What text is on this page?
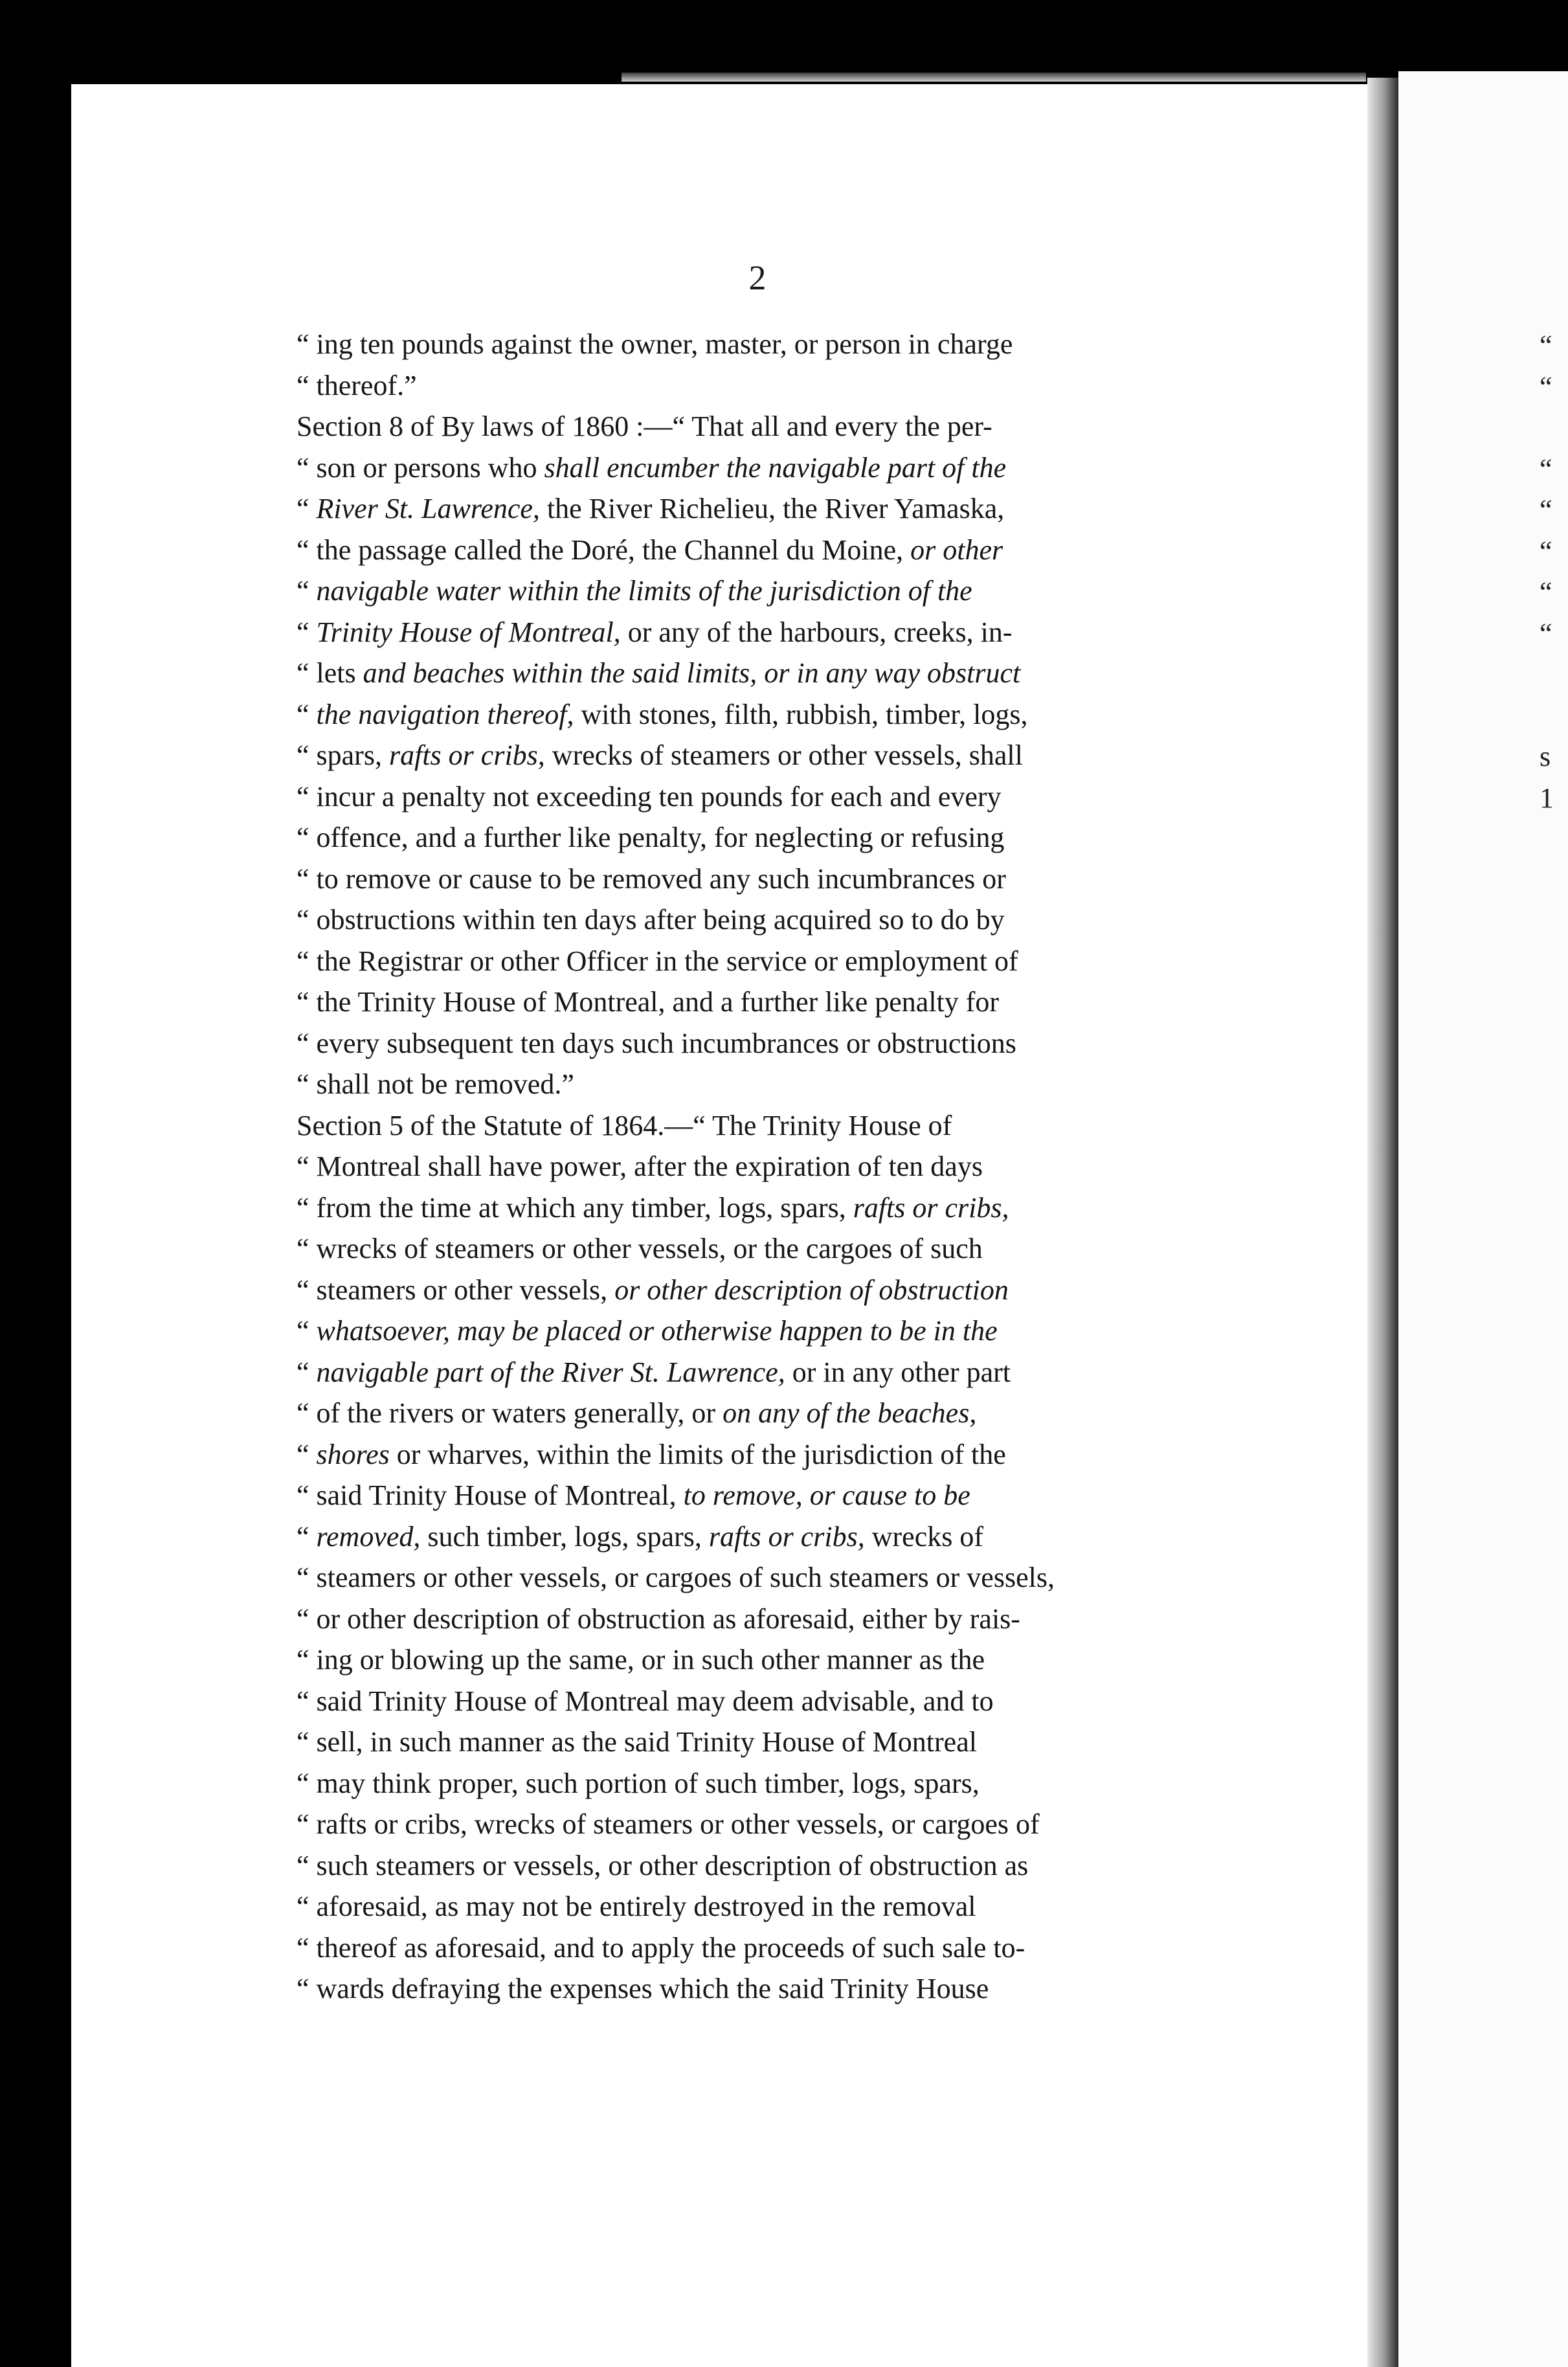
2
“ ing ten pounds against the owner, master, or person in charge
“ thereof.”
Section 8 of By laws of 1860 :—“ That all and every the per-
“ son or persons who shall encumber the navigable part of the
“ River St. Lawrence, the River Richelieu, the River Yamaska,
“ the passage called the Doré, the Channel du Moine, or other
“ navigable water within the limits of the jurisdiction of the
“ Trinity House of Montreal, or any of the harbours, creeks, in-
“ lets and beaches within the said limits, or in any way obstruct
“ the navigation thereof, with stones, filth, rubbish, timber, logs,
“ spars, rafts or cribs, wrecks of steamers or other vessels, shall
“ incur a penalty not exceeding ten pounds for each and every
“ offence, and a further like penalty, for neglecting or refusing
“ to remove or cause to be removed any such incumbrances or
“ obstructions within ten days after being acquired so to do by
“ the Registrar or other Officer in the service or employment of
“ the Trinity House of Montreal, and a further like penalty for
“ every subsequent ten days such incumbrances or obstructions
“ shall not be removed.”
Section 5 of the Statute of 1864.—“ The Trinity House of
“ Montreal shall have power, after the expiration of ten days
“ from the time at which any timber, logs, spars, rafts or cribs,
“ wrecks of steamers or other vessels, or the cargoes of such
“ steamers or other vessels, or other description of obstruction
“ whatsoever, may be placed or otherwise happen to be in the
“ navigable part of the River St. Lawrence, or in any other part
“ of the rivers or waters generally, or on any of the beaches,
“ shores or wharves, within the limits of the jurisdiction of the
“ said Trinity House of Montreal, to remove, or cause to be
“ removed, such timber, logs, spars, rafts or cribs, wrecks of
“ steamers or other vessels, or cargoes of such steamers or vessels,
“ or other description of obstruction as aforesaid, either by rais-
“ ing or blowing up the same, or in such other manner as the
“ said Trinity House of Montreal may deem advisable, and to
“ sell, in such manner as the said Trinity House of Montreal
“ may think proper, such portion of such timber, logs, spars,
“ rafts or cribs, wrecks of steamers or other vessels, or cargoes of
“ such steamers or vessels, or other description of obstruction as
“ aforesaid, as may not be entirely destroyed in the removal
“ thereof as aforesaid, and to apply the proceeds of such sale to-
“ wards defraying the expenses which the said Trinity House
“
“
“
“
“
“
“
s
1
